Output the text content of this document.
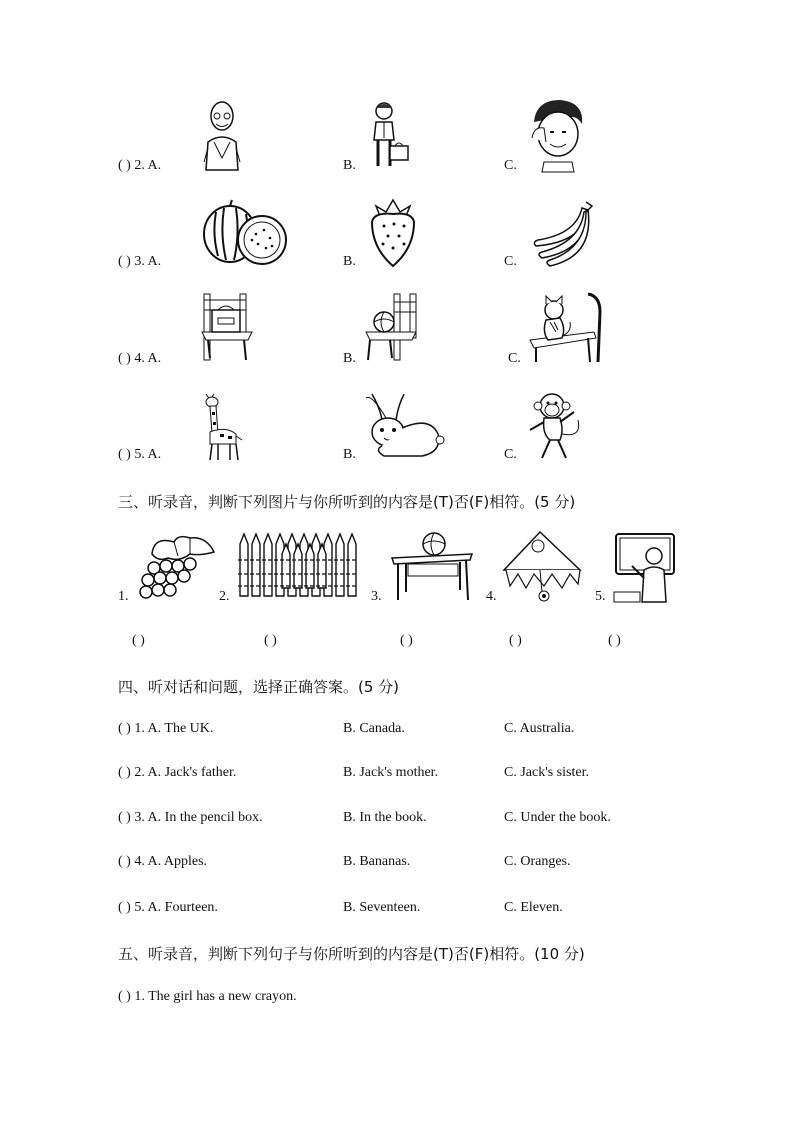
( ) 2. A.	B.	C.
( ) 3. A.	B.	C.
( ) 4. A.	B.	C.
( ) 5. A.	B.	C.
三、听录音，判断下列图片与你所听到的内容是(T)否(F)相符。(5 分)
1.	2.	3.	4.	5.
( )	( )	( )	( )	( )
四、听对话和问题，选择正确答案。(5 分)
( ) 1. A. The UK.	B. Canada.	C. Australia.
( ) 2. A. Jack's father.	B. Jack's mother.	C. Jack's sister.
( ) 3. A. In the pencil box.	B. In the book.	C. Under the book.
( ) 4. A. Apples.	B. Bananas.	C. Oranges.
( ) 5. A. Fourteen.	B. Seventeen.	C. Eleven.
五、听录音，判断下列句子与你所听到的内容是(T)否(F)相符。(10 分)
( ) 1. The girl has a new crayon.
